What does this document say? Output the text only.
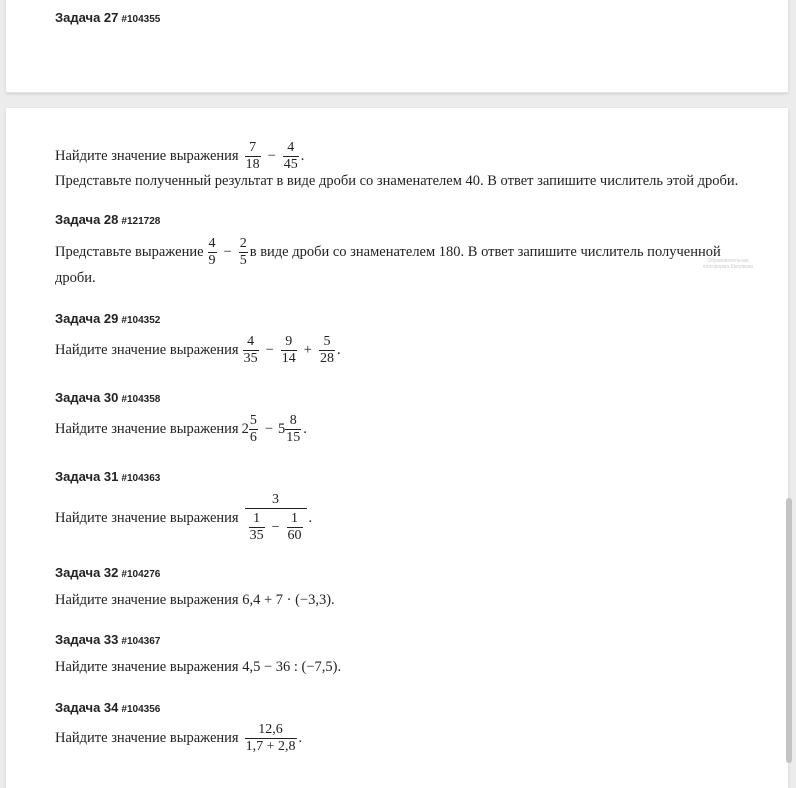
Задача 27 #104355
Образовательная платформа Школково
Найдите значение выражения $\frac{7}{18} - \frac{4}{45}$ .
Представьте полученный результат в виде дроби со знаменателем 40. В ответ запишите числитель этой дроби.
Задача 28 #121728
Представьте выражение $\frac{4}{9} - \frac{2}{5}$ в виде дроби со знаменателем 180. В ответ запишите числитель полученной
дроби.
Задача 29 #104352
Найдите значение выражения $\frac{4}{35} - \frac{9}{14} + \frac{5}{28}$ .
Задача 30 #104358
Найдите значение выражения $2 \frac{5}{6} - 5 \frac{8}{15}$ .
Задача 31 #104363
Найдите значение выражения $\frac{3}{\frac{1}{35} - \frac{1}{60}}$ .
Задача 32 #104276
Найдите значение выражения 6,4 + 7 · (−3,3).
Задача 33 #104367
Найдите значение выражения 4,5 − 36 : (−7,5).
Задача 34 #104356
Найдите значение выражения $\frac{12,6}{1,7 + 2,8}$ .
